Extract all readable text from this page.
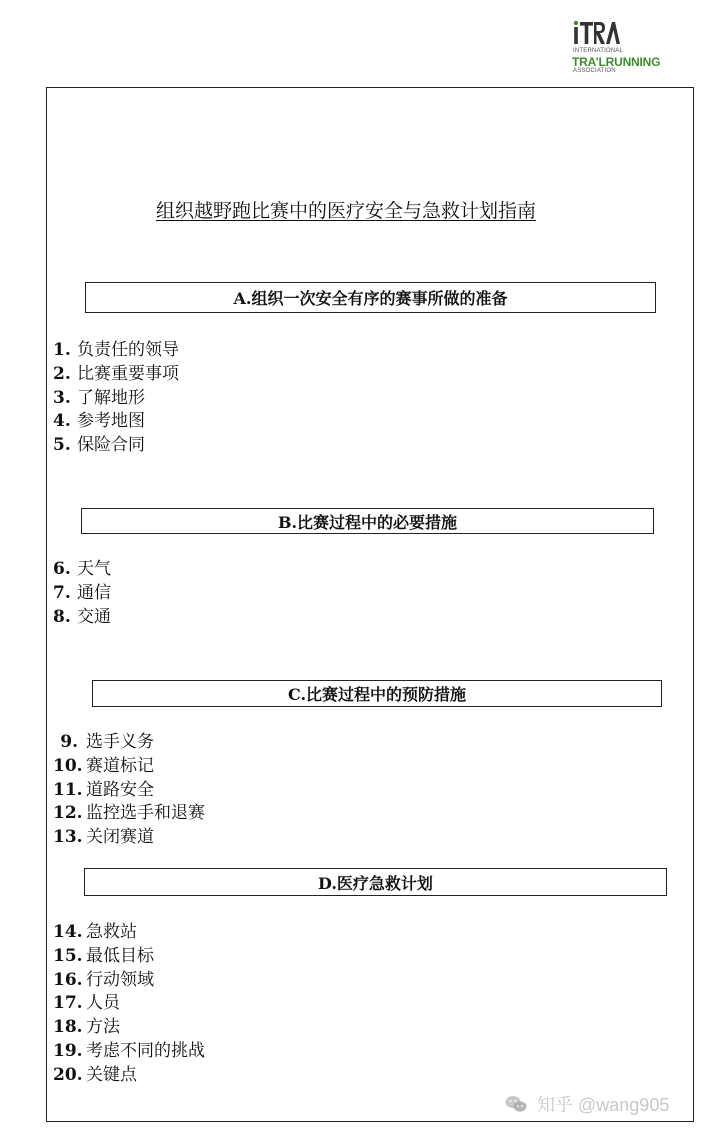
INTERNATIONAL
TRA’LRUNNING
ASSOCIATION
组织越野跑比赛中的医疗安全与急救计划指南
A.组织一次安全有序的赛事所做的准备
1. 负责任的领导
2. 比赛重要事项
3. 了解地形
4. 参考地图
5. 保险合同
B.比赛过程中的必要措施
6. 天气
7. 通信
8. 交通
C.比赛过程中的预防措施
9. 选手义务
10. 赛道标记
11. 道路安全
12. 监控选手和退赛
13. 关闭赛道
D.医疗急救计划
14. 急救站
15. 最低目标
16. 行动领域
17. 人员
18. 方法
19. 考虑不同的挑战
20. 关键点
知乎 @wang905
